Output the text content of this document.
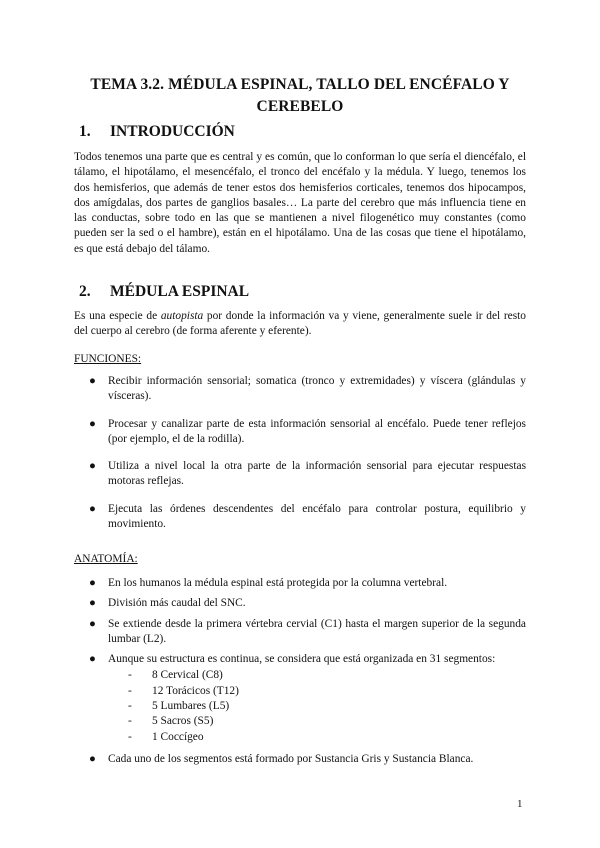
TEMA 3.2. MÉDULA ESPINAL, TALLO DEL ENCÉFALO Y CEREBELO
1. INTRODUCCIÓN

Todos tenemos una parte que es central y es común, que lo conforman lo que sería el diencéfalo, el tálamo, el hipotálamo, el mesencéfalo, el tronco del encéfalo y la médula. Y luego, tenemos los dos hemisferios, que además de tener estos dos hemisferios corticales, tenemos dos hipocampos, dos amígdalas, dos partes de ganglios basales… La parte del cerebro que más influencia tiene en las conductas, sobre todo en las que se mantienen a nivel filogenético muy constantes (como pueden ser la sed o el hambre), están en el hipotálamo. Una de las cosas que tiene el hipotálamo, es que está debajo del tálamo.

2. MÉDULA ESPINAL

Es una especie de autopista por donde la información va y viene, generalmente suele ir del resto del cuerpo al cerebro (de forma aferente y eferente).

FUNCIONES:
● Recibir información sensorial; somatica (tronco y extremidades) y víscera (glándulas y vísceras).
● Procesar y canalizar parte de esta información sensorial al encéfalo. Puede tener reflejos (por ejemplo, el de la rodilla).
● Utiliza a nivel local la otra parte de la información sensorial para ejecutar respuestas motoras reflejas.
● Ejecuta las órdenes descendentes del encéfalo para controlar postura, equilibrio y movimiento.
ANATOMÍA:
● En los humanos la médula espinal está protegida por la columna vertebral.
● División más caudal del SNC.
● Se extiende desde la primera vértebra cervial (C1) hasta el margen superior de la segunda lumbar (L2).
● Aunque su estructura es continua, se considera que está organizada en 31 segmentos:
- 8 Cervical (C8)
- 12 Torácicos (T12)
- 5 Lumbares (L5)
- 5 Sacros (S5)
- 1 Coccígeo
● Cada uno de los segmentos está formado por Sustancia Gris y Sustancia Blanca.
1
